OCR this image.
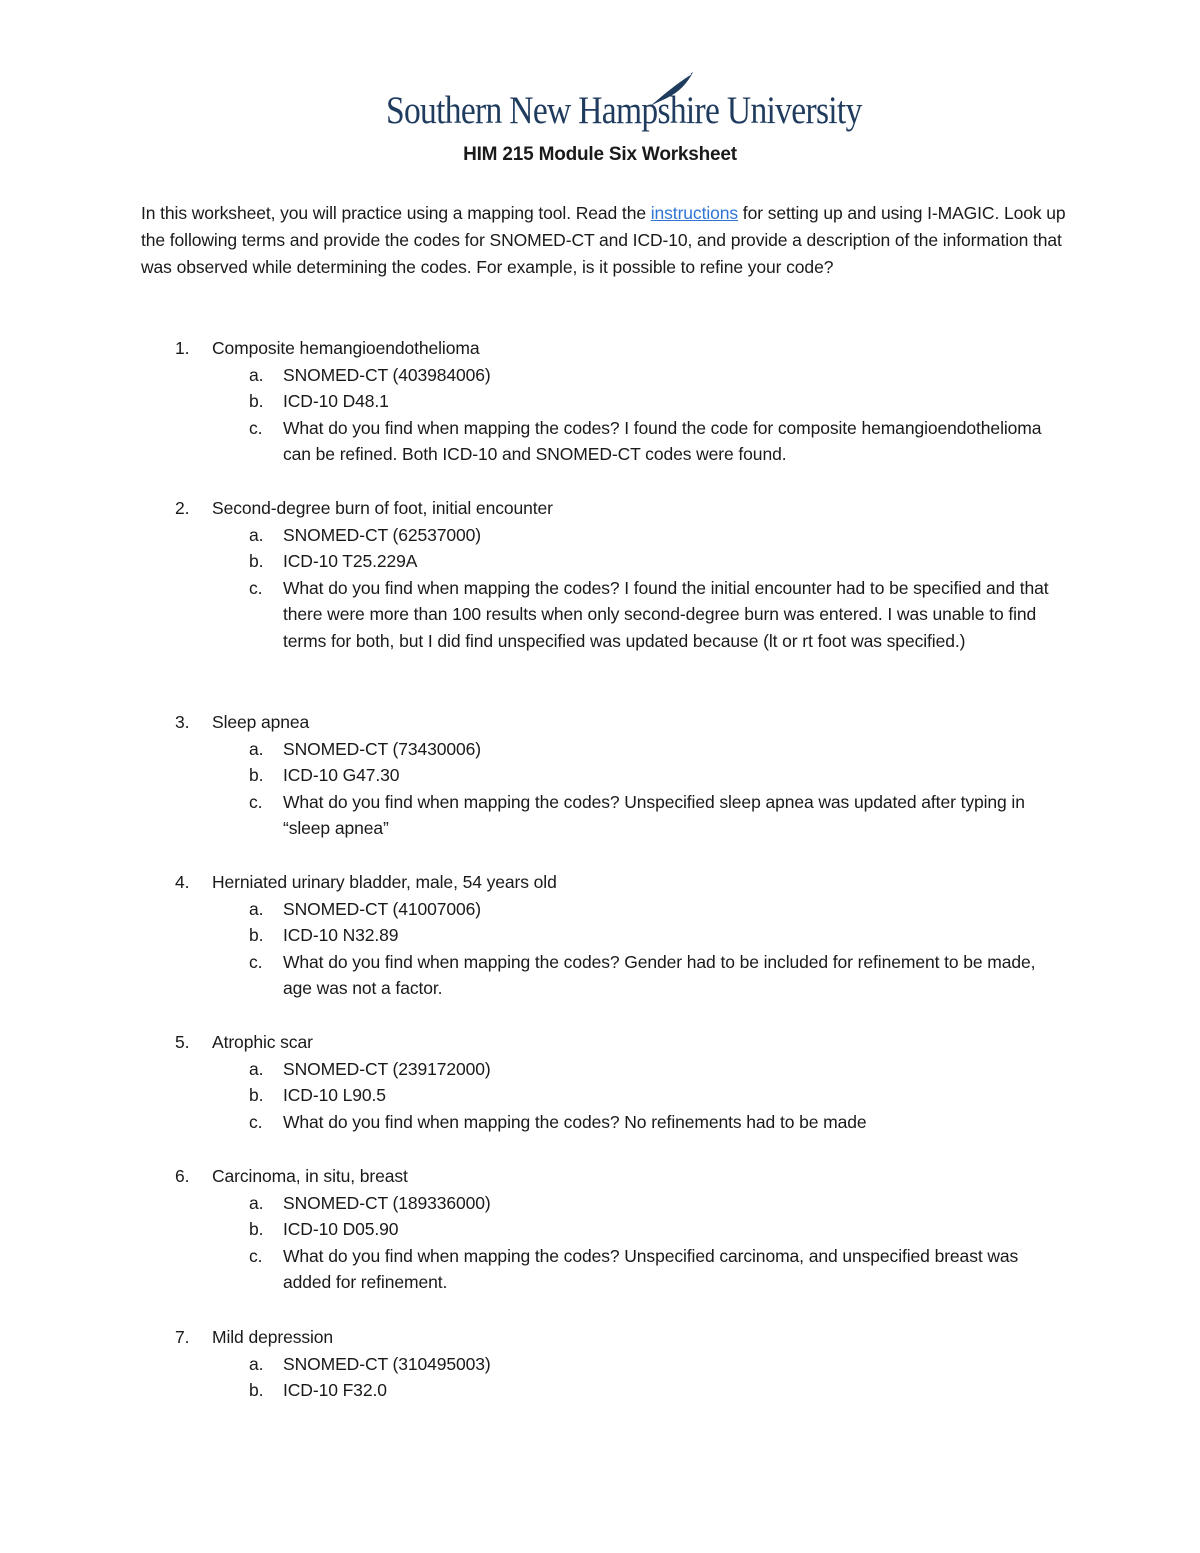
Southern New Hampshire University
HIM 215 Module Six Worksheet
In this worksheet, you will practice using a mapping tool. Read the instructions for setting up and using I-MAGIC. Look up the following terms and provide the codes for SNOMED-CT and ICD-10, and provide a description of the information that was observed while determining the codes. For example, is it possible to refine your code?
1. Composite hemangioendothelioma
a. SNOMED-CT (403984006)
b. ICD-10 D48.1
c. What do you find when mapping the codes? I found the code for composite hemangioendothelioma can be refined. Both ICD-10 and SNOMED-CT codes were found.
2. Second-degree burn of foot, initial encounter
a. SNOMED-CT (62537000)
b. ICD-10 T25.229A
c. What do you find when mapping the codes? I found the initial encounter had to be specified and that there were more than 100 results when only second-degree burn was entered. I was unable to find terms for both, but I did find unspecified was updated because (lt or rt foot was specified.)
3. Sleep apnea
a. SNOMED-CT (73430006)
b. ICD-10 G47.30
c. What do you find when mapping the codes? Unspecified sleep apnea was updated after typing in “sleep apnea”
4. Herniated urinary bladder, male, 54 years old
a. SNOMED-CT (41007006)
b. ICD-10 N32.89
c. What do you find when mapping the codes? Gender had to be included for refinement to be made, age was not a factor.
5. Atrophic scar
a. SNOMED-CT (239172000)
b. ICD-10 L90.5
c. What do you find when mapping the codes? No refinements had to be made
6. Carcinoma, in situ, breast
a. SNOMED-CT (189336000)
b. ICD-10 D05.90
c. What do you find when mapping the codes? Unspecified carcinoma, and unspecified breast was added for refinement.
7. Mild depression
a. SNOMED-CT (310495003)
b. ICD-10 F32.0
